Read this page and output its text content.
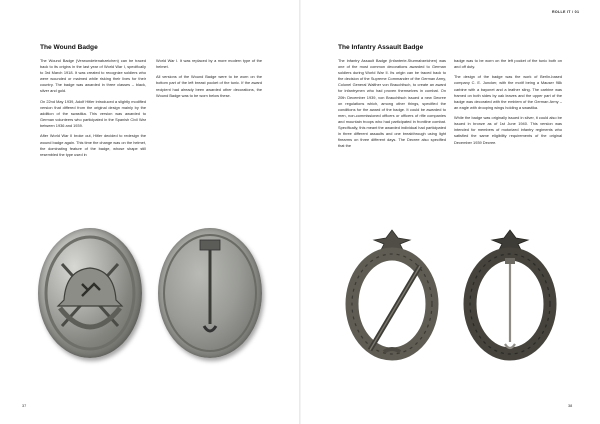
The Wound Badge

The Wound Badge (Verwundetenabzeichen) can be traced back to its origins in the last year of World War I, specifically to 3rd March 1918. It was created to recognize soldiers who were wounded or maimed while risking their lives for their country. The badge was awarded in three classes – black, silver and gold.

On 22nd May 1939, Adolf Hitler introduced a slightly modified version that differed from the original design mainly by the addition of the swastika. This version was awarded to German volunteers who participated in the Spanish Civil War between 1936 and 1939.

After World War II broke out, Hitler decided to redesign the wound badge again. This time the change was on the helmet, the dominating feature of the badge, whose shape still resembled the type used in

World War I. It was replaced by a more modern type of the helmet.

All versions of the Wound Badge were to be worn on the bottom part of the left breast pocket of the tunic. If the award recipient had already been awarded other decorations, the Wound Badge was to be worn below these.

37
ROLLE IT / 01
The Infantry Assault Badge

The Infantry Assault Badge (Infanterie-Sturmabzeichen) was one of the most common decorations awarded to German soldiers during World War II. Its origin can be traced back to the decision of the Supreme Commander of the German Army, Colonel General Walther von Brauchitsch, to create an award for infantrymen who had proven themselves in combat. On 20th December 1939, von Brauchitsch issued a new Decree on regulations which, among other things, specified the conditions for the award of the badge. It could be awarded to men, non-commissioned officers or officers of rifle companies and mountain troops who had participated in frontline combat. Specifically, this meant the awarded individual had participated in three different assaults and one breakthrough using light firearms on three different days. The Decree also specified that the

badge was to be worn on the left pocket of the tunic both on and off duty.

The design of the badge was the work of Berlin-based company C. E. Juncker, with the motif being a Mauser 98k carbine with a bayonet and a leather sling. The carbine was framed on both sides by oak leaves and the upper part of the badge was decorated with the emblem of the German Army – an eagle with drooping wings holding a swastika.

While the badge was originally issued in silver, it could also be issued in bronze as of 1st June 1940. This version was intended for members of motorized infantry regiments who satisfied the same eligibility requirements of the original December 1939 Decree.

38
